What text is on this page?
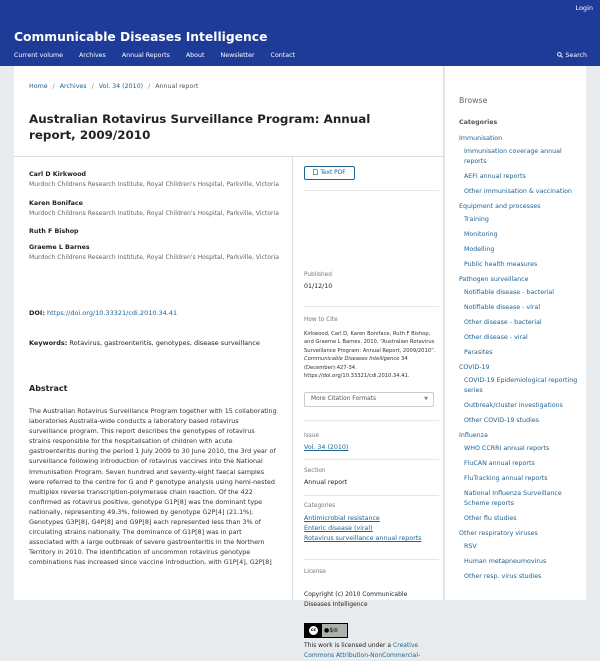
Login
Communicable Diseases Intelligence
Current volume	Archives	Annual Reports	About	Newsletter	Contact	Search
Home / Archives / Vol. 34 (2010) / Annual report
Australian Rotavirus Surveillance Program: Annual report, 2009/2010
Carl D Kirkwood
Murdoch Childrens Research Institute, Royal Children's Hospital, Parkville, Victoria
Karen Boniface
Murdoch Childrens Research Institute, Royal Children's Hospital, Parkville, Victoria
Ruth F Bishop
Graeme L Barnes
Murdoch Childrens Research Institute, Royal Children's Hospital, Parkville, Victoria
DOI: https://doi.org/10.33321/cdi.2010.34.41
Keywords: Rotavirus, gastroenteritis, genotypes, disease surveillance
Abstract

The Australian Rotavirus Surveillance Program together with 15 collaborating laboratories Australia-wide conducts a laboratory based rotavirus surveillance program. This report describes the genotypes of rotavirus strains responsible for the hospitalisation of children with acute gastroenteritis during the period 1 July 2009 to 30 June 2010, the 3rd year of surveillance following introduction of rotavirus vaccines into the National Immunisation Program. Seven hundred and seventy-eight faecal samples were referred to the centre for G and P genotype analysis using hemi-nested multiplex reverse transcription-polymerase chain reaction. Of the 422 confirmed as rotavirus positive, genotype G1P[8] was the dominant type nationally, representing 49.3%, followed by genotype G2P[4] (21.1%). Genotypes G3P[8], G4P[8] and G9P[8] each represented less than 3% of circulating strains nationally. The dominance of G1P[8] was in part associated with a large outbreak of severe gastroenteritis in the Northern Territory in 2010. The identification of uncommon rotavirus genotype combinations has increased since vaccine introduction, with G1P[4], G2P[8]

Text PDF
Published
01/12/10
How to Cite
Kirkwood, Carl D, Karen Boniface, Ruth F Bishop, and Graeme L Barnes. 2010. “Australian Rotavirus Surveillance Program: Annual Report, 2009/2010”. Communicable Diseases Intelligence 34 (December):427-34. https://doi.org/10.33321/cdi.2010.34.41.
More Citation Formats	▼
Issue
Vol. 34 (2010)
Section
Annual report
Categories
Antimicrobial resistance
Enteric disease (viral)
Rotavirus surveillance annual reports
License
Copyright (c) 2010 Communicable Diseases Intelligence
cc	●$⊜
This work is licensed under a Creative Commons Attribution-NonCommercial-
Browse
Categories
Immunisation
Immunisation coverage annual reports
AEFI annual reports
Other immunisation & vaccination
Equipment and processes
Training
Monitoring
Modelling
Public health measures
Pathogen surveillance
Notifiable disease - bacterial
Notifiable disease - viral
Other disease - bacterial
Other disease - viral
Parasites
COVID-19
COVID-19 Epidemiological reporting series
Outbreak/cluster investigations
Other COVID-19 studies
Influenza
WHO CCRRI annual reports
FluCAN annual reports
FluTracking annual reports
National Influenza Surveillance Scheme reports
Other flu studies
Other respiratory viruses
RSV
Human metapneumovirus
Other resp. virus studies
